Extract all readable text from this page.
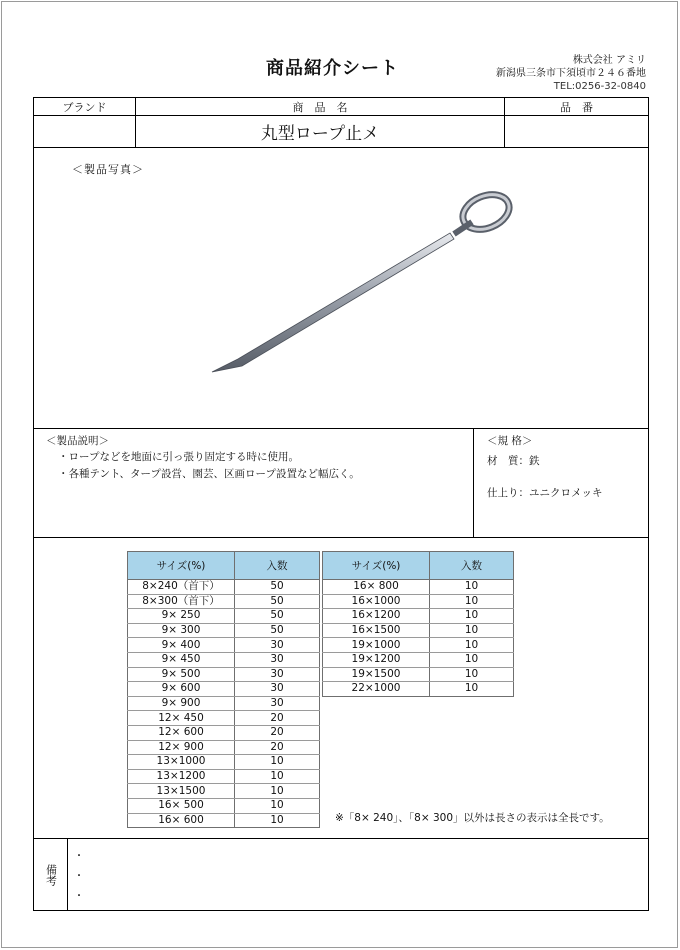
商品紹介シート	株式会社 アミリ
新潟県三条市下須頃市２４６番地
TEL:0256-32-0840
ブランド	商　品　名	品　番
丸型ロープ止メ
＜製品写真＞
＜製品説明＞
・ロープなどを地面に引っ張り固定する時に使用。
・各種テント、タープ設営、園芸、区画ロープ設置など幅広く。
＜規 格＞
材　質：鉄
仕上り：ユニクロメッキ
サイズ(%)	入数
8×240（首下）	50
8×300（首下）	50
9× 250	50
9× 300	50
9× 400	30
9× 450	30
9× 500	30
9× 600	30
9× 900	30
12× 450	20
12× 600	20
12× 900	20
13×1000	10
13×1200	10
13×1500	10
16× 500	10
16× 600	10
サイズ(%)	入数
16× 800	10
16×1000	10
16×1200	10
16×1500	10
19×1000	10
19×1200	10
19×1500	10
22×1000	10
※「8× 240」、「8× 300」以外は長さの表示は全長です。
備考
・
・
・
